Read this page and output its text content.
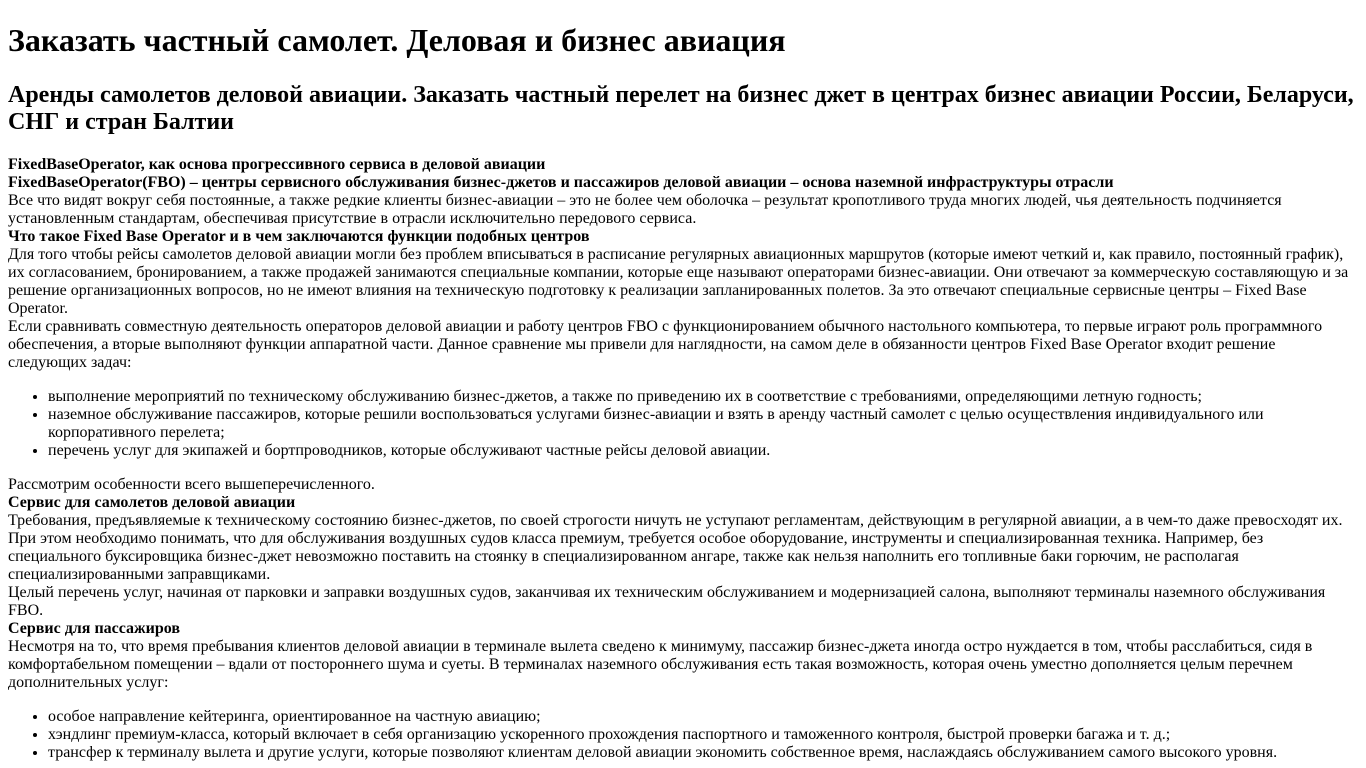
Заказать частный самолет. Деловая и бизнес авиация
Аренды самолетов деловой авиации. Заказать частный перелет на бизнес джет в центрах бизнес авиации России, Беларуси, СНГ и стран Балтии
FixedBaseOperator, как основа прогрессивного сервиса в деловой авиации
FixedBaseOperator(FBO) – центры сервисного обслуживания бизнес-джетов и пассажиров деловой авиации – основа наземной инфраструктуры отрасли
Все что видят вокруг себя постоянные, а также редкие клиенты бизнес-авиации – это не более чем оболочка – результат кропотливого труда многих людей, чья деятельность подчиняется установленным стандартам, обеспечивая присутствие в отрасли исключительно передового сервиса.
Что такое Fixed Base Operator и в чем заключаются функции подобных центров
Для того чтобы рейсы самолетов деловой авиации могли без проблем вписываться в расписание регулярных авиационных маршрутов (которые имеют четкий и, как правило, постоянный график), их согласованием, бронированием, а также продажей занимаются специальные компании, которые еще называют операторами бизнес-авиации. Они отвечают за коммерческую составляющую и за решение организационных вопросов, но не имеют влияния на техническую подготовку к реализации запланированных полетов. За это отвечают специальные сервисные центры – Fixed Base Operator.
Если сравнивать совместную деятельность операторов деловой авиации и работу центров FBO с функционированием обычного настольного компьютера, то первые играют роль программного обеспечения, а вторые выполняют функции аппаратной части. Данное сравнение мы привели для наглядности, на самом деле в обязанности центров Fixed Base Operator входит решение следующих задач:
• выполнение мероприятий по техническому обслуживанию бизнес-джетов, а также по приведению их в соответствие с требованиями, определяющими летную годность;
• наземное обслуживание пассажиров, которые решили воспользоваться услугами бизнес-авиации и взять в аренду частный самолет с целью осуществления индивидуального или корпоративного перелета;
• перечень услуг для экипажей и бортпроводников, которые обслуживают частные рейсы деловой авиации.
Рассмотрим особенности всего вышеперечисленного.
Сервис для самолетов деловой авиации
Требования, предъявляемые к техническому состоянию бизнес-джетов, по своей строгости ничуть не уступают регламентам, действующим в регулярной авиации, а в чем-то даже превосходят их. При этом необходимо понимать, что для обслуживания воздушных судов класса премиум, требуется особое оборудование, инструменты и специализированная техника. Например, без специального буксировщика бизнес-джет невозможно поставить на стоянку в специализированном ангаре, также как нельзя наполнить его топливные баки горючим, не располагая специализированными заправщиками.
Целый перечень услуг, начиная от парковки и заправки воздушных судов, заканчивая их техническим обслуживанием и модернизацией салона, выполняют терминалы наземного обслуживания FBO.
Сервис для пассажиров
Несмотря на то, что время пребывания клиентов деловой авиации в терминале вылета сведено к минимуму, пассажир бизнес-джета иногда остро нуждается в том, чтобы расслабиться, сидя в комфортабельном помещении – вдали от постороннего шума и суеты. В терминалах наземного обслуживания есть такая возможность, которая очень уместно дополняется целым перечнем дополнительных услуг:
• особое направление кейтеринга, ориентированное на частную авиацию;
• хэндлинг премиум-класса, который включает в себя организацию ускоренного прохождения паспортного и таможенного контроля, быстрой проверки багажа и т. д.;
• трансфер к терминалу вылета и другие услуги, которые позволяют клиентам деловой авиации экономить собственное время, наслаждаясь обслуживанием самого высокого уровня.
